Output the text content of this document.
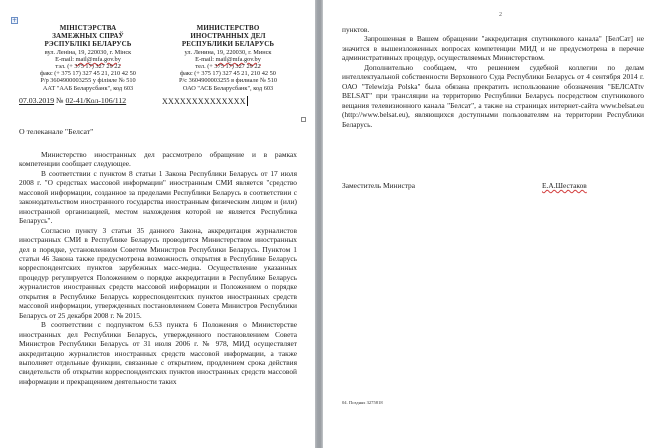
+
МІНІСТЭРСТВА
ЗАМЕЖНЫХ СПРАЎ
РЭСПУБЛІКІ БЕЛАРУСЬ
вул. Леніна, 19, 220030, г. Мінск
E-mail: mail@mfa.gov.by
тэл. (+ 375 17) 327 29 22
факс (+ 375 17) 327 45 21, 210 42 50
Р/р 3604900003255 у філіяле № 510
ААТ "ААБ Беларусбанк", код 603
МИНИСТЕРСТВО
ИНОСТРАННЫХ ДЕЛ
РЕСПУБЛИКИ БЕЛАРУСЬ
ул. Ленина, 19, 220030, г. Минск
E-mail: mail@mfa.gov.by
тел. (+ 375 17) 327 29 22
факс (+ 375 17) 327 45 21, 210 42 50
Р/с 3604900003255 в филиале № 510
ОАО "АСБ Беларусбанк", код 603
07.03.2019 № 02-41/Кол-106/112	XXXXXXXXXXXXXX
О телеканале "Белсат"

Министерство иностранных дел рассмотрело обращение и в рамках компетенции сообщает следующее.

В соответствии с пунктом 8 статьи 1 Закона Республики Беларусь от 17 июля 2008 г. "О средствах массовой информации" иностранным СМИ является "средство массовой информации, созданное за пределами Республики Беларусь в соответствии с законодательством иностранного государства иностранным физическим лицом и (или) иностранной организацией, местом нахождения которой не является Республика Беларусь".

Согласно пункту 3 статьи 35 данного Закона, аккредитация журналистов иностранных СМИ в Республике Беларусь проводится Министерством иностранных дел в порядке, установленном Советом Министров Республики Беларусь. Пунктом 1 статьи 46 Закона также предусмотрена возможность открытия в Республике Беларусь корреспондентских пунктов зарубежных масс-медиа. Осуществление указанных процедур регулируется Положением о порядке аккредитации в Республике Беларусь журналистов иностранных средств массовой информации и Положением о порядке открытия в Республике Беларусь корреспондентских пунктов иностранных средств массовой информации, утвержденных постановлением Совета Министров Республики Беларусь от 25 декабря 2008 г. № 2015.

В соответствии с подпунктом 6.53 пункта 6 Положения о Министерстве иностранных дел Республики Беларусь, утвержденного постановлением Совета Министров Республики Беларусь от 31 июля 2006 г. № 978, МИД осуществляет аккредитацию журналистов иностранных средств массовой информации, а также выполняет отдельные функции, связанные с открытием, продлением срока действия свидетельств об открытии корреспондентских пунктов иностранных средств массовой информации и прекращением деятельности таких

2

пунктов.

Запрошенная в Вашем обращении "аккредитация спутникового канала" [БелСат] не значится в вышеизложенных вопросах компетенции МИД и не предусмотрена в перечне административных процедур, осуществляемых Министерством.

Дополнительно сообщаем, что решением судебной коллегии по делам интеллектуальной собственности Верховного Суда Республики Беларусь от 4 сентября 2014 г. ОАО "Telewizja Polska" была обязана прекратить использование обозначения "БЕЛСАТtv BELSAT" при трансляции на территорию Республики Беларусь посредством спутникового вещания телевизионного канала "Белсат", а также на страницах интернет-сайта www.belsat.eu (http://www.belsat.eu), являющихся доступными пользователям на территории Республики Беларусь.

Заместитель Министра	Е.А.Шестаков
04. Позднях 3275818
